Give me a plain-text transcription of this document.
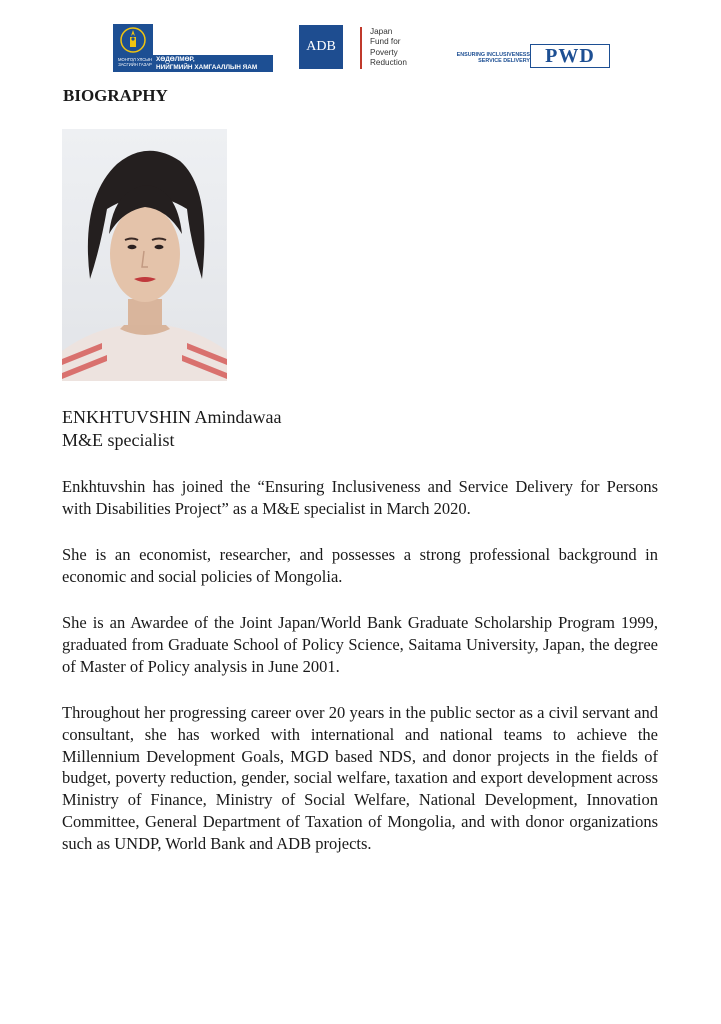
МОНГОЛ УЛСЫН ЗАСГИЙН ГАЗАР
ХӨДӨЛМӨР,
НИЙГМИЙН ХАМГААЛЛЫН ЯАМ
ADB
Japan
Fund for
Poverty
Reduction
ENSURING INCLUSIVENESS
SERVICE DELIVERY PWD
BIOGRAPHY
ENKHTUVSHIN Amindawaa
M&E specialist

Enkhtuvshin has joined the “Ensuring Inclusiveness and Service Delivery for Persons with Disabilities Project” as a M&E specialist in March 2020.

She is an economist, researcher, and possesses a strong professional background in economic and social policies of Mongolia.

She is an Awardee of the Joint Japan/World Bank Graduate Scholarship Program 1999, graduated from Graduate School of Policy Science, Saitama University, Japan, the degree of Master of Policy analysis in June 2001.

Throughout her progressing career over 20 years in the public sector as a civil servant and consultant, she has worked with international and national teams to achieve the Millennium Development Goals, MGD based NDS, and donor projects in the fields of budget, poverty reduction, gender, social welfare, taxation and export development across Ministry of Finance, Ministry of Social Welfare, National Development, Innovation Committee, General Department of Taxation of Mongolia, and with donor organizations such as UNDP, World Bank and ADB projects.
